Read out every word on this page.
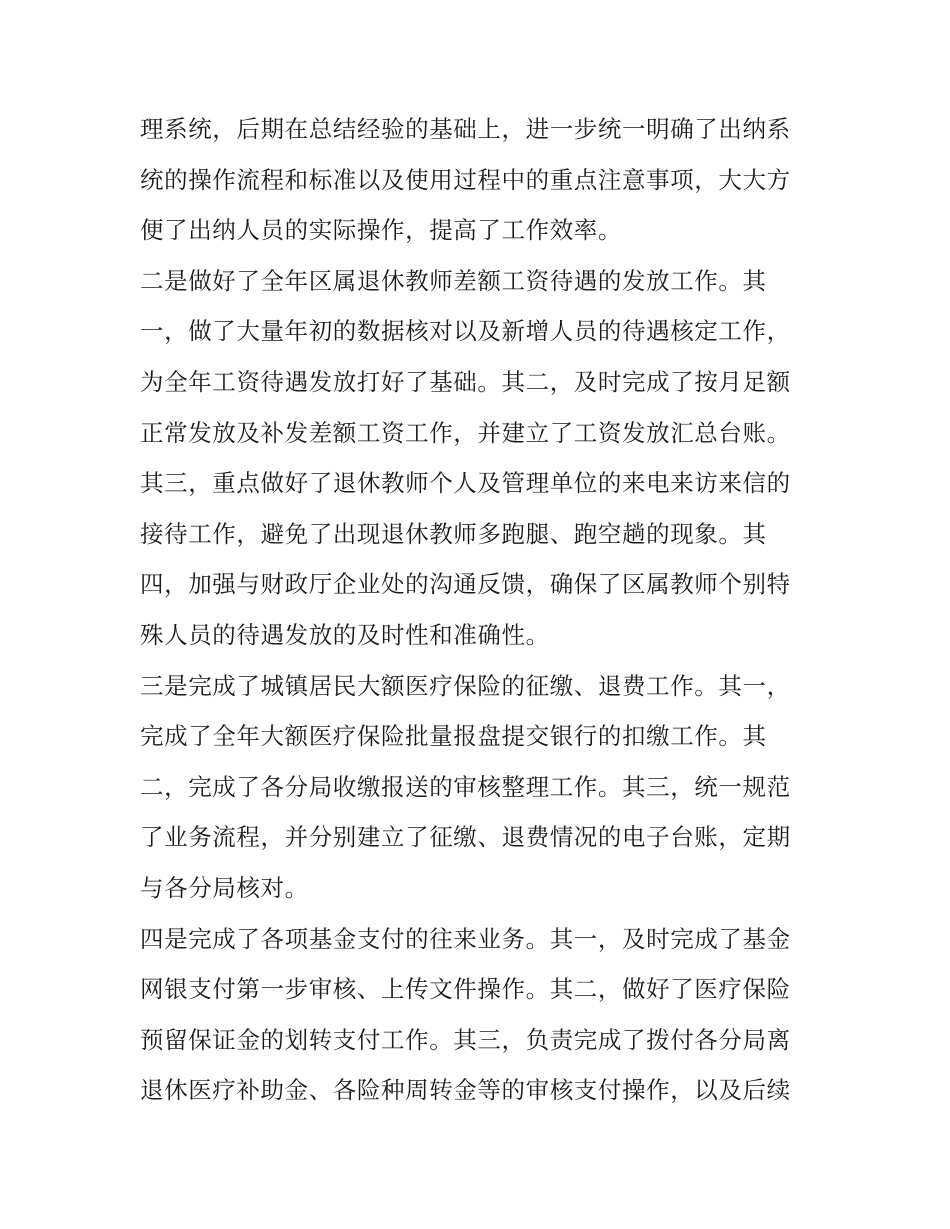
理系统，后期在总结经验的基础上，进一步统一明确了出纳系
统的操作流程和标准以及使用过程中的重点注意事项，大大方
便了出纳人员的实际操作，提高了工作效率。
二是做好了全年区属退休教师差额工资待遇的发放工作。其
一，做了大量年初的数据核对以及新增人员的待遇核定工作，
为全年工资待遇发放打好了基础。其二，及时完成了按月足额
正常发放及补发差额工资工作，并建立了工资发放汇总台账。
其三，重点做好了退休教师个人及管理单位的来电来访来信的
接待工作，避免了出现退休教师多跑腿、跑空趟的现象。其
四，加强与财政厅企业处的沟通反馈，确保了区属教师个别特
殊人员的待遇发放的及时性和准确性。
三是完成了城镇居民大额医疗保险的征缴、退费工作。其一，
完成了全年大额医疗保险批量报盘提交银行的扣缴工作。其
二，完成了各分局收缴报送的审核整理工作。其三，统一规范
了业务流程，并分别建立了征缴、退费情况的电子台账，定期
与各分局核对。
四是完成了各项基金支付的往来业务。其一，及时完成了基金
网银支付第一步审核、上传文件操作。其二，做好了医疗保险
预留保证金的划转支付工作。其三，负责完成了拨付各分局离
退休医疗补助金、各险种周转金等的审核支付操作，以及后续
